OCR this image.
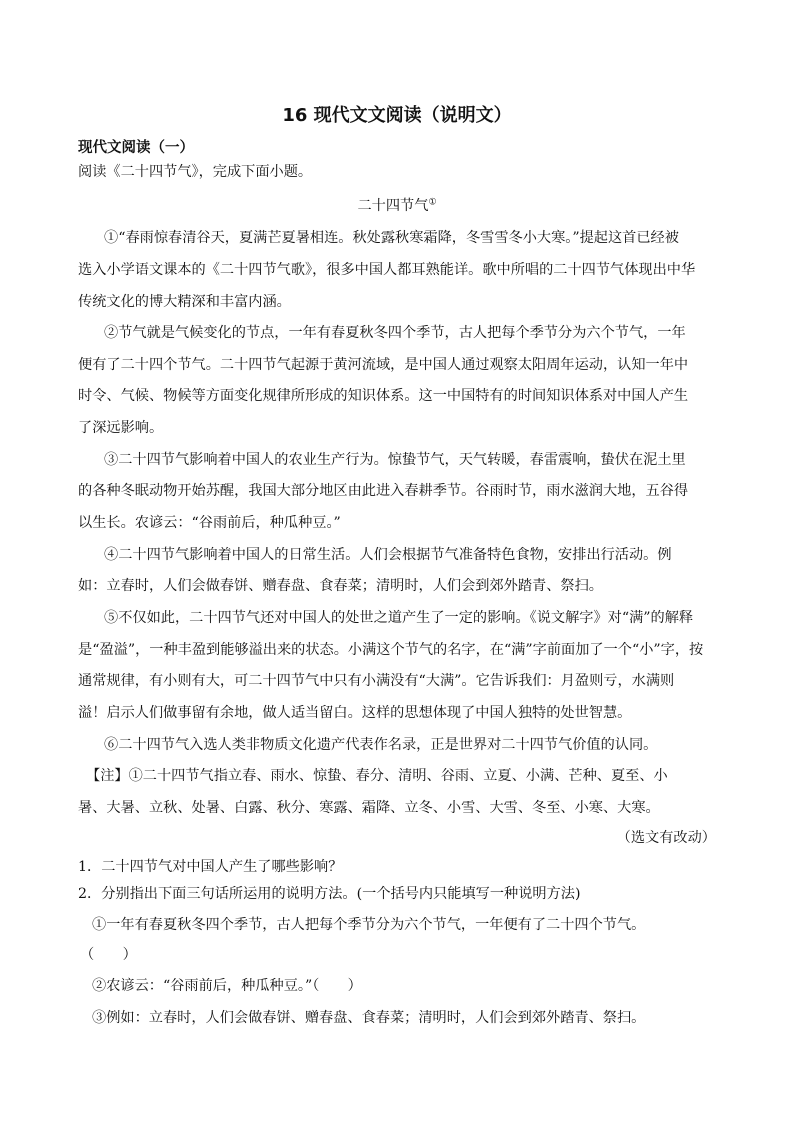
16 现代文文阅读（说明文）

现代文阅读（一）

阅读《二十四节气》，完成下面小题。

二十四节气①

①“春雨惊春清谷天，夏满芒夏暑相连。秋处露秋寒霜降，冬雪雪冬小大寒。”提起这首已经被

选入小学语文课本的《二十四节气歌》，很多中国人都耳熟能详。歌中所唱的二十四节气体现出中华

传统文化的博大精深和丰富内涵。

②节气就是气候变化的节点，一年有春夏秋冬四个季节，古人把每个季节分为六个节气，一年

便有了二十四个节气。二十四节气起源于黄河流域，是中国人通过观察太阳周年运动，认知一年中

时令、气候、物候等方面变化规律所形成的知识体系。这一中国特有的时间知识体系对中国人产生

了深远影响。

③二十四节气影响着中国人的农业生产行为。惊蛰节气，天气转暖，春雷震响，蛰伏在泥土里

的各种冬眠动物开始苏醒，我国大部分地区由此进入春耕季节。谷雨时节，雨水滋润大地，五谷得

以生长。农谚云：“谷雨前后，种瓜种豆。”

④二十四节气影响着中国人的日常生活。人们会根据节气准备特色食物，安排出行活动。例

如：立春时，人们会做春饼、赠春盘、食春菜；清明时，人们会到郊外踏青、祭扫。

⑤不仅如此，二十四节气还对中国人的处世之道产生了一定的影响。《说文解字》对“满”的解释

是“盈溢”，一种丰盈到能够溢出来的状态。小满这个节气的名字，在“满”字前面加了一个“小”字，按

通常规律，有小则有大，可二十四节气中只有小满没有“大满”。它告诉我们：月盈则亏，水满则

溢！启示人们做事留有余地，做人适当留白。这样的思想体现了中国人独特的处世智慧。

⑥二十四节气入选人类非物质文化遗产代表作名录，正是世界对二十四节气价值的认同。

【注】①二十四节气指立春、雨水、惊蛰、春分、清明、谷雨、立夏、小满、芒种、夏至、小

暑、大暑、立秋、处暑、白露、秋分、寒露、霜降、立冬、小雪、大雪、冬至、小寒、大寒。

（选文有改动）

1．二十四节气对中国人产生了哪些影响？

2．分别指出下面三句话所运用的说明方法。(一个括号内只能填写一种说明方法)

①一年有春夏秋冬四个季节，古人把每个季节分为六个节气，一年便有了二十四个节气。

（　　）

②农谚云：“谷雨前后，种瓜种豆。”（　　）

③例如：立春时，人们会做春饼、赠春盘、食春菜；清明时，人们会到郊外踏青、祭扫。
